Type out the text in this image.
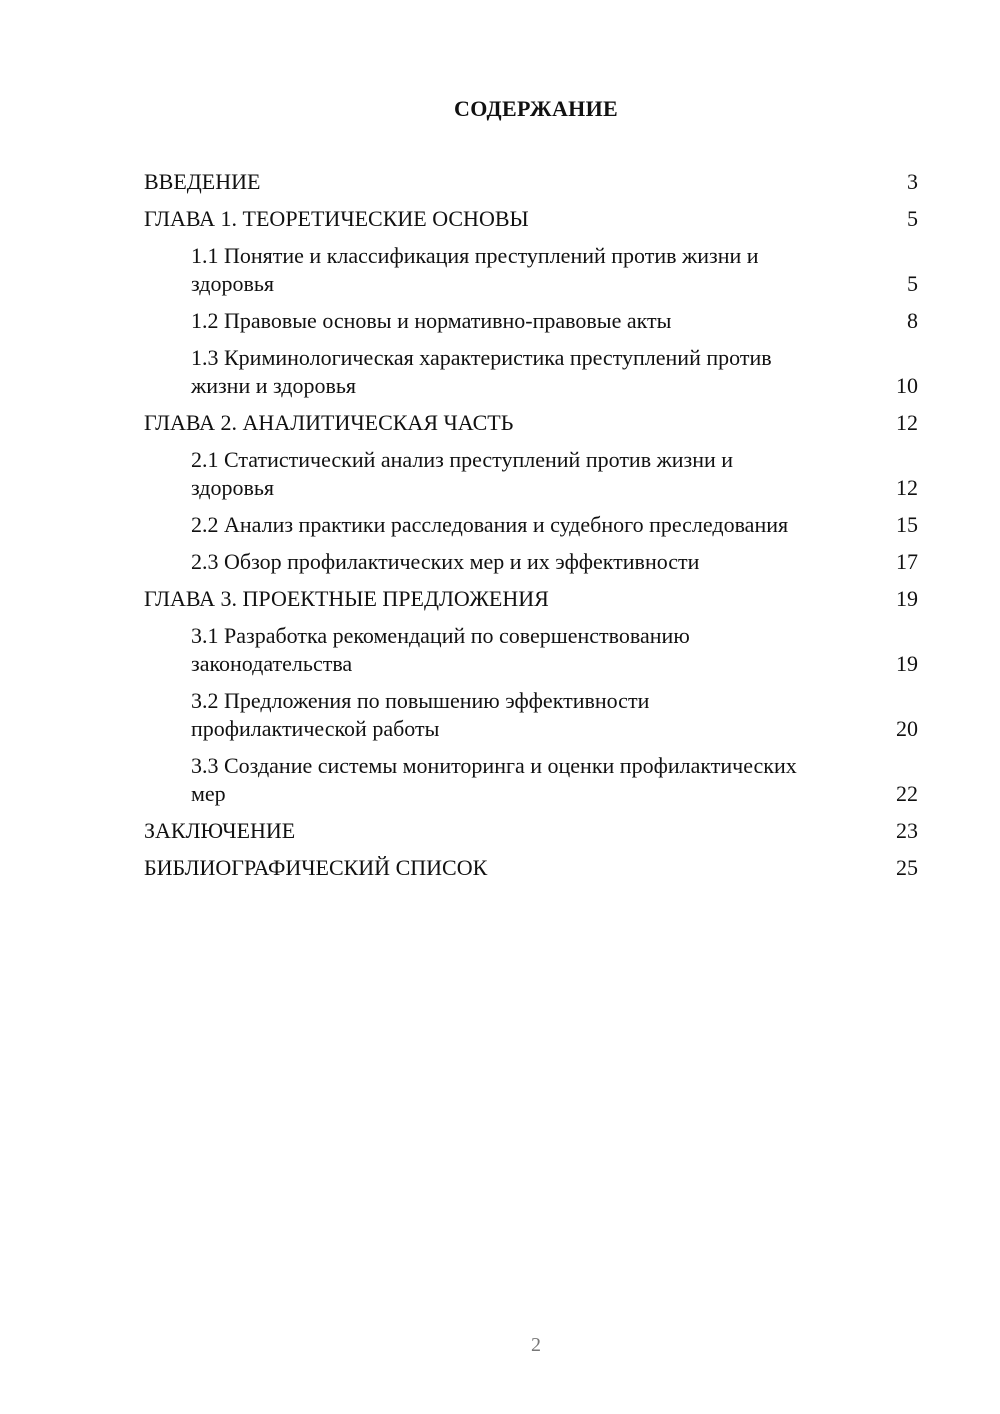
СОДЕРЖАНИЕ
ВВЕДЕНИЕ	3
ГЛАВА 1. ТЕОРЕТИЧЕСКИЕ ОСНОВЫ	5
1.1 Понятие и классификация преступлений против жизни и здоровья	5
1.2 Правовые основы и нормативно-правовые акты	8
1.3 Криминологическая характеристика преступлений против жизни и здоровья	10
ГЛАВА 2. АНАЛИТИЧЕСКАЯ ЧАСТЬ	12
2.1 Статистический анализ преступлений против жизни и здоровья	12
2.2 Анализ практики расследования и судебного преследования	15
2.3 Обзор профилактических мер и их эффективности	17
ГЛАВА 3. ПРОЕКТНЫЕ ПРЕДЛОЖЕНИЯ	19
3.1 Разработка рекомендаций по совершенствованию законодательства	19
3.2 Предложения по повышению эффективности профилактической работы	20
3.3 Создание системы мониторинга и оценки профилактических мер	22
ЗАКЛЮЧЕНИЕ	23
БИБЛИОГРАФИЧЕСКИЙ СПИСОК	25
2
